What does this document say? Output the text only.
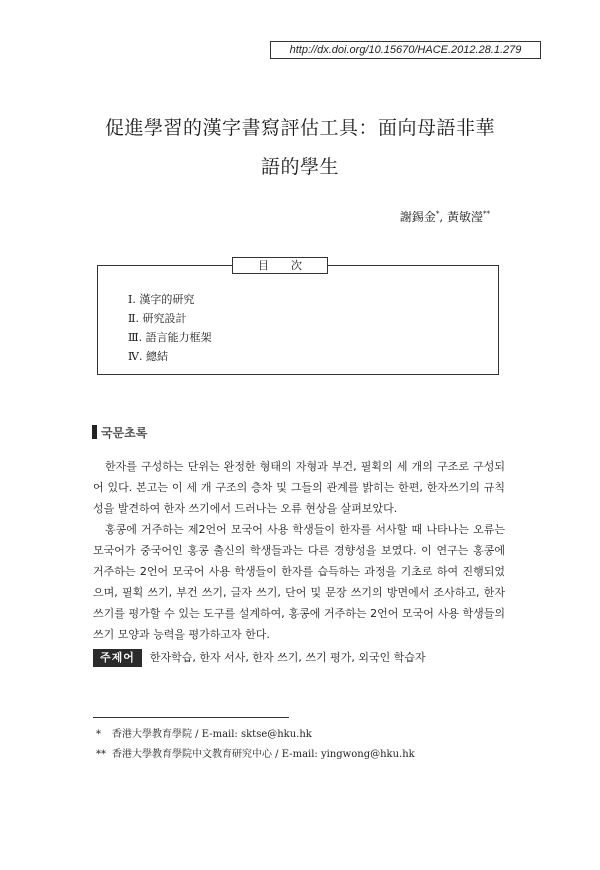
http://dx.doi.org/10.15670/HACE.2012.28.1.279
促進學習的漢字書寫評估工具：面向母語非華
語的學生
謝錫金*, 黃敏瀅**
目次
Ⅰ. 漢字的研究
Ⅱ. 研究設計
Ⅲ. 語言能力框架
Ⅳ. 總結
국문초록

한자를 구성하는 단위는 완정한 형태의 자형과 부건, 필획의 세 개의 구조로 구성되어 있다. 본고는 이 세 개 구조의 층차 및 그들의 관계를 밝히는 한편, 한자쓰기의 규칙성을 발견하여 한자 쓰기에서 드러나는 오류 현상을 살펴보았다.

홍콩에 거주하는 제2언어 모국어 사용 학생들이 한자를 서사할 때 나타나는 오류는 모국어가 중국어인 홍콩 출신의 학생들과는 다른 경향성을 보였다. 이 연구는 홍콩에 거주하는 2언어 모국어 사용 학생들이 한자를 습득하는 과정을 기초로 하여 진행되었으며, 필획 쓰기, 부건 쓰기, 글자 쓰기, 단어 및 문장 쓰기의 방면에서 조사하고, 한자쓰기를 평가할 수 있는 도구를 설계하여, 홍콩에 거주하는 2언어 모국어 사용 학생들의 쓰기 모양과 능력을 평가하고자 한다.

주제어 한자학습, 한자 서사, 한자 쓰기, 쓰기 평가, 외국인 학습자
* 香港大學教育學院 / E-mail: sktse@hku.hk
** 香港大學教育學院中文教育研究中心 / E-mail: yingwong@hku.hk
